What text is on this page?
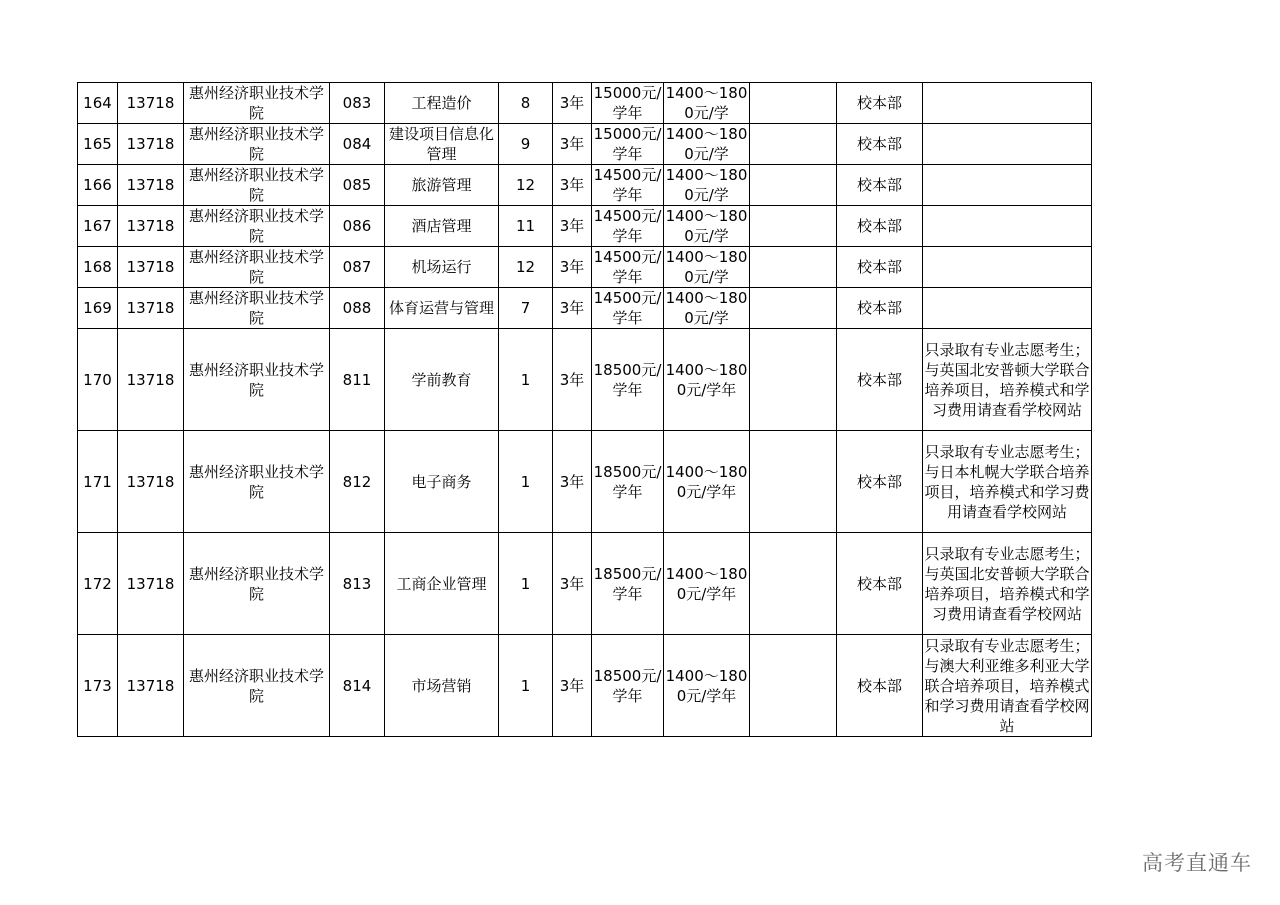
164	13718	惠州经济职业技术学院	083	工程造价	8	3年	15000元/学年	1400～1800元/学		校本部	
165	13718	惠州经济职业技术学院	084	建设项目信息化管理	9	3年	15000元/学年	1400～1800元/学		校本部	
166	13718	惠州经济职业技术学院	085	旅游管理	12	3年	14500元/学年	1400～1800元/学		校本部	
167	13718	惠州经济职业技术学院	086	酒店管理	11	3年	14500元/学年	1400～1800元/学		校本部	
168	13718	惠州经济职业技术学院	087	机场运行	12	3年	14500元/学年	1400～1800元/学		校本部	
169	13718	惠州经济职业技术学院	088	体育运营与管理	7	3年	14500元/学年	1400～1800元/学		校本部	
170	13718	惠州经济职业技术学院	811	学前教育	1	3年	18500元/学年	1400～1800元/学年		校本部	只录取有专业志愿考生；与英国北安普顿大学联合培养项目，培养模式和学习费用请查看学校网站
171	13718	惠州经济职业技术学院	812	电子商务	1	3年	18500元/学年	1400～1800元/学年		校本部	只录取有专业志愿考生；与日本札幌大学联合培养项目，培养模式和学习费用请查看学校网站
172	13718	惠州经济职业技术学院	813	工商企业管理	1	3年	18500元/学年	1400～1800元/学年		校本部	只录取有专业志愿考生；与英国北安普顿大学联合培养项目，培养模式和学习费用请查看学校网站
173	13718	惠州经济职业技术学院	814	市场营销	1	3年	18500元/学年	1400～1800元/学年		校本部	只录取有专业志愿考生；与澳大利亚维多利亚大学联合培养项目，培养模式和学习费用请查看学校网站
高考直通车
